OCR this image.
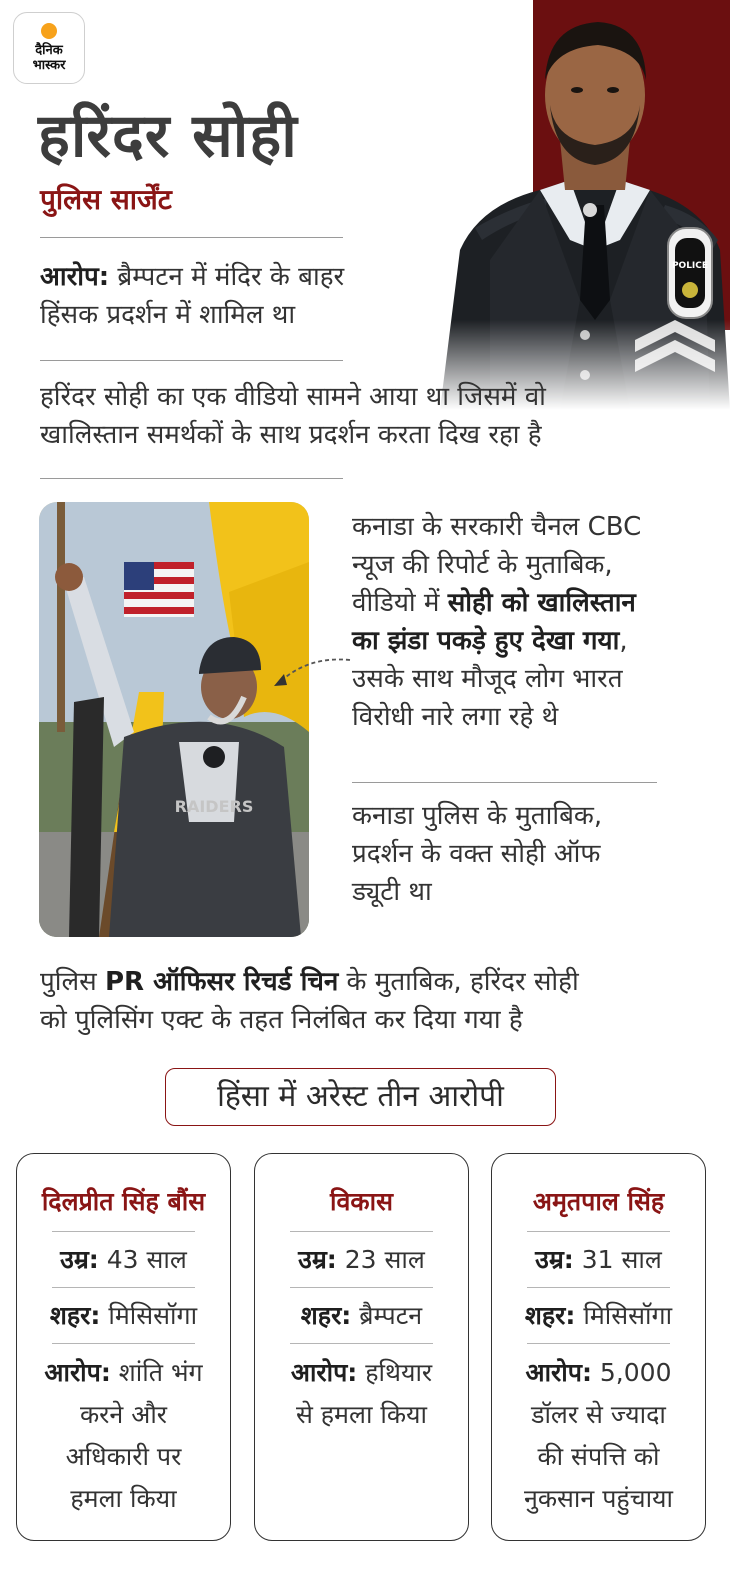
दैनिक
भास्कर
हरिंदर सोही
पुलिस सार्जेंट
आरोप: ब्रैम्पटन में मंदिर के बाहर
हिंसक प्रदर्शन में शामिल था
हरिंदर सोही का एक वीडियो सामने आया था जिसमें वो
खालिस्तान समर्थकों के साथ प्रदर्शन करता दिख रहा है
RAIDERS
कनाडा के सरकारी चैनल CBC
न्यूज की रिपोर्ट के मुताबिक,
वीडियो में सोही को खालिस्तान
का झंडा पकड़े हुए देखा गया,
उसके साथ मौजूद लोग भारत
विरोधी नारे लगा रहे थे
कनाडा पुलिस के मुताबिक,
प्रदर्शन के वक्त सोही ऑफ
ड्यूटी था
पुलिस PR ऑफिसर रिचर्ड चिन के मुताबिक, हरिंदर सोही
को पुलिसिंग एक्ट के तहत निलंबित कर दिया गया है
हिंसा में अरेस्ट तीन आरोपी
दिलप्रीत सिंह बौंस
उम्र: 43 साल
शहर: मिसिसॉगा
आरोप: शांति भंग
करने और
अधिकारी पर
हमला किया
विकास
उम्र: 23 साल
शहर: ब्रैम्पटन
आरोप: हथियार
से हमला किया
अमृतपाल सिंह
उम्र: 31 साल
शहर: मिसिसॉगा
आरोप: 5,000
डॉलर से ज्यादा
की संपत्ति को
नुकसान पहुंचाया
